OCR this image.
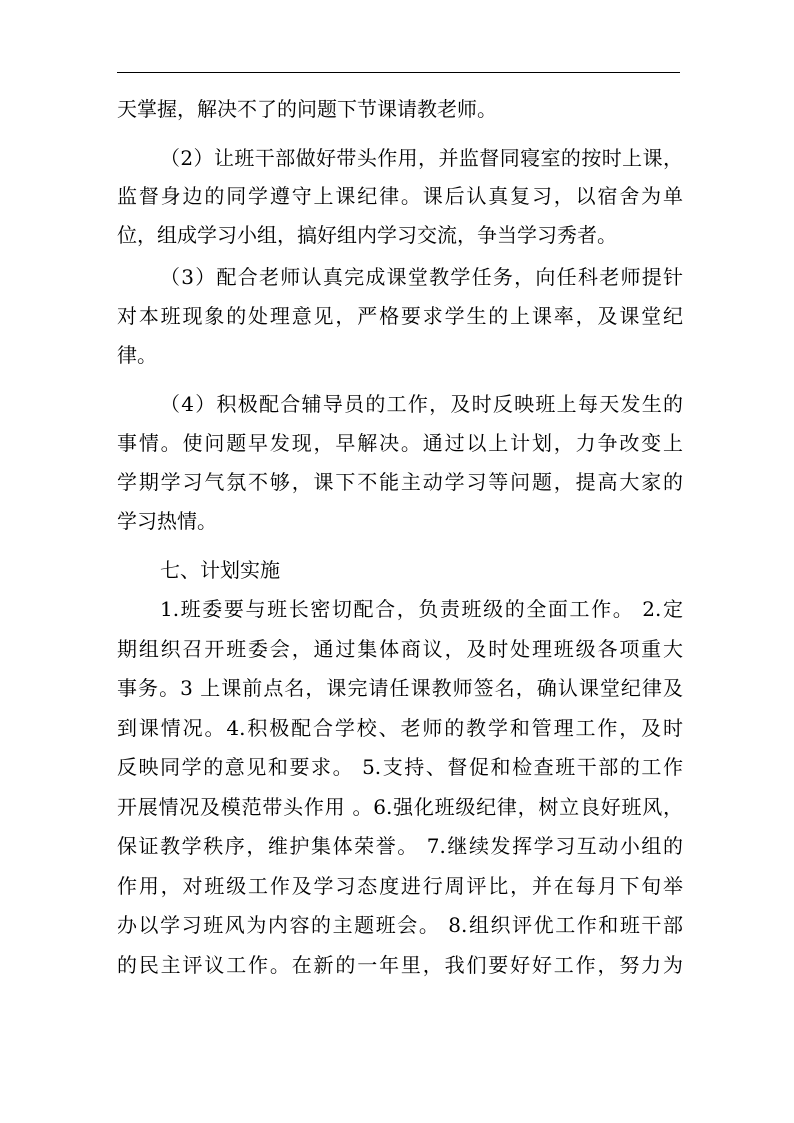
天掌握，解决不了的问题下节课请教老师。

（2）让班干部做好带头作用，并监督同寝室的按时上课，

监督身边的同学遵守上课纪律。课后认真复习，以宿舍为单

位，组成学习小组，搞好组内学习交流，争当学习秀者。

（3）配合老师认真完成课堂教学任务，向任科老师提针

对本班现象的处理意见，严格要求学生的上课率，及课堂纪

律。

（4）积极配合辅导员的工作，及时反映班上每天发生的

事情。使问题早发现，早解决。通过以上计划，力争改变上

学期学习气氛不够，课下不能主动学习等问题，提高大家的

学习热情。

七、计划实施

1.班委要与班长密切配合，负责班级的全面工作。 2.定

期组织召开班委会，通过集体商议，及时处理班级各项重大

事务。3 上课前点名，课完请任课教师签名，确认课堂纪律及

到课情况。4.积极配合学校、老师的教学和管理工作，及时

反映同学的意见和要求。 5.支持、督促和检查班干部的工作

开展情况及模范带头作用 。6.强化班级纪律，树立良好班风，

保证教学秩序，维护集体荣誉。 7.继续发挥学习互动小组的

作用，对班级工作及学习态度进行周评比，并在每月下旬举

办以学习班风为内容的主题班会。 8.组织评优工作和班干部

的民主评议工作。在新的一年里，我们要好好工作，努力为
